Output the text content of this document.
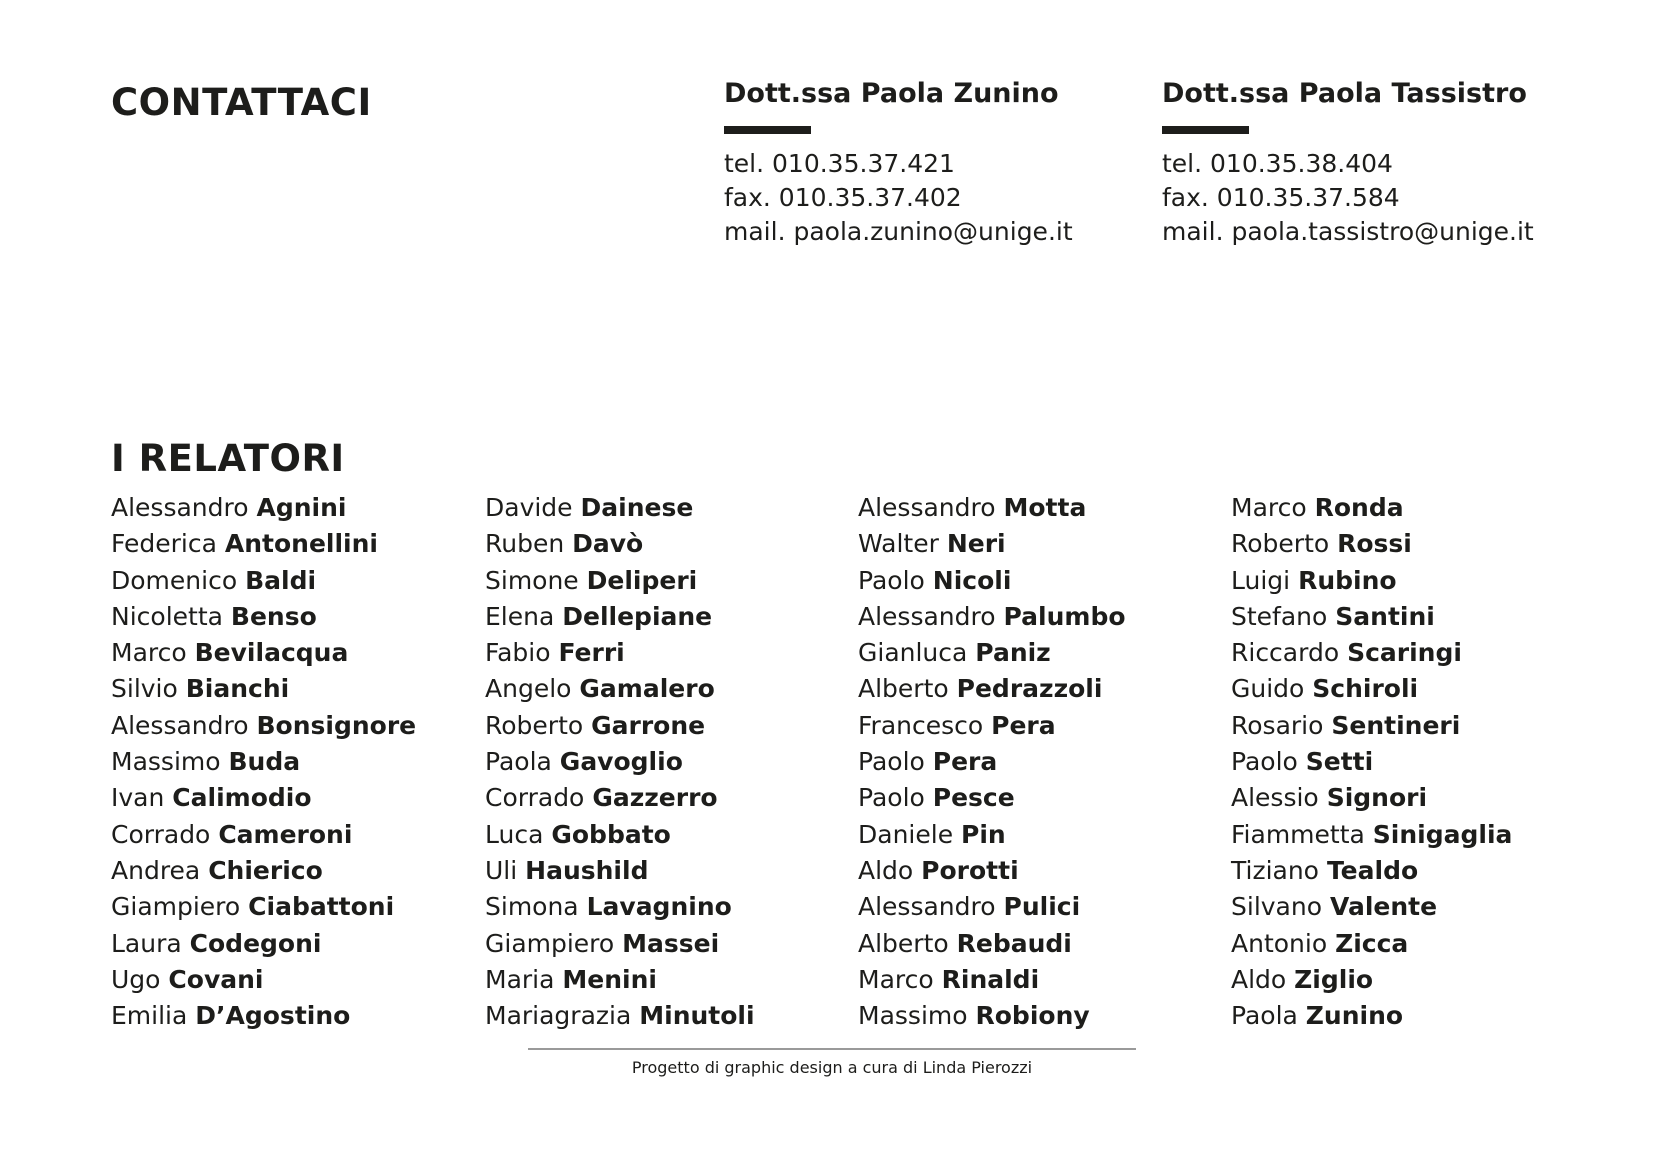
CONTATTACI	Dott.ssa Paola Zunino
tel. 010.35.37.421
fax. 010.35.37.402
mail. paola.zunino@unige.it
Dott.ssa Paola Tassistro
tel. 010.35.38.404
fax. 010.35.37.584
mail. paola.tassistro@unige.it
I RELATORI
Alessandro Agnini
Federica Antonellini
Domenico Baldi
Nicoletta Benso
Marco Bevilacqua
Silvio Bianchi
Alessandro Bonsignore
Massimo Buda
Ivan Calimodio
Corrado Cameroni
Andrea Chierico
Giampiero Ciabattoni
Laura Codegoni
Ugo Covani
Emilia D’Agostino
Davide Dainese
Ruben Davò
Simone Deliperi
Elena Dellepiane
Fabio Ferri
Angelo Gamalero
Roberto Garrone
Paola Gavoglio
Corrado Gazzerro
Luca Gobbato
Uli Haushild
Simona Lavagnino
Giampiero Massei
Maria Menini
Mariagrazia Minutoli
Alessandro Motta
Walter Neri
Paolo Nicoli
Alessandro Palumbo
Gianluca Paniz
Alberto Pedrazzoli
Francesco Pera
Paolo Pera
Paolo Pesce
Daniele Pin
Aldo Porotti
Alessandro Pulici
Alberto Rebaudi
Marco Rinaldi
Massimo Robiony
Marco Ronda
Roberto Rossi
Luigi Rubino
Stefano Santini
Riccardo Scaringi
Guido Schiroli
Rosario Sentineri
Paolo Setti
Alessio Signori
Fiammetta Sinigaglia
Tiziano Tealdo
Silvano Valente
Antonio Zicca
Aldo Ziglio
Paola Zunino
Progetto di graphic design a cura di Linda Pierozzi
